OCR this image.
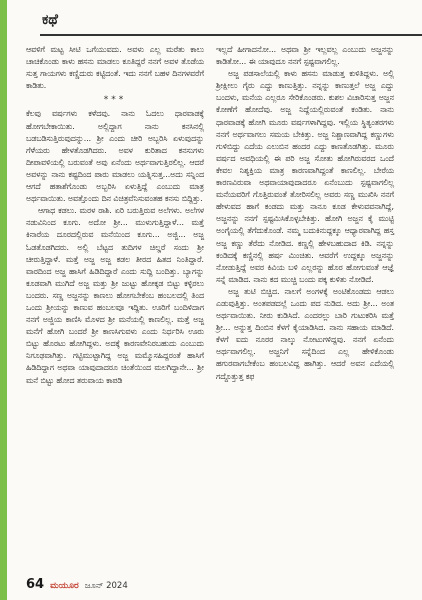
ಕಥೆ

ಆವಳಿಗೆ ಮಟ್ಟ ಸೀಟಿ ಒಗೆಯುವದು. ಅವಳು ಎಲ್ಲ ಮರೆತು ಕಾಲು ಚಾಚಿಕೊಂಡು ಕಾಳು ಹಸನು ಮಾಡಲು ಕೂತಿದ್ದರೆ ನನಗೆ ಅವಳ ತೊಡೆಯ ಸುತ್ತ ಗಾಯಗಳು ಕಣ್ಣಿದುರು ಕಟ್ಟಿದಂತೆ. ಇದು ನನಗೆ ಬಹಳ ದಿನಗಳವರೆಗೆ ಕಾಡಿತು.

***

ಕೆಲವು ವರ್ಷಗಳು ಕಳೆದವು. ನಾನು ಓದಲು ಧಾರವಾಡಕ್ಕೆ ಹೋಗಬೇಕಾಯಿತು. ಅಲ್ಲಿದ್ದಾಗ ನಾನು ಕನಸಿನಲ್ಲಿ ಬಡಬಡಿಸುತ್ತಿರುವುದನ್ನು... ಶ್ರೀ ಎಂದು ಚೀರಿ ಅಬ್ಬರಿಸಿ ಏಳುವುದನ್ನು ಗೆಳೆಯರು ಹೇಳತೊಡಗಿದರು. ಅವಳ ಕುರಿತಾದ ಕನಸುಗಳು ದೀಪಾವಳಿಯಲ್ಲಿ ಬರುವಂತೆ ಅವು ಏನೆಂದು ಅರ್ಥವಾಗುತ್ತಿರಲಿಲ್ಲ. ಆದರೆ ಅವಳನ್ನು ನಾನು ಕಷ್ಟದಿಂದ ಪಾರು ಮಾಡಲು ಯತ್ನಿಸುತ್ತ...ಅದು ಸನ್ನಿಂದ ಆಗದೆ ಹತಾಶೆಗೊಂಡು ಅಬ್ಬರಿಸಿ ಏಳುತ್ತಿದ್ದೆ ಎಂಬುದು ಮಾತ್ರ ಅರ್ಥವಾಯಿತು. ಅವತ್ತೊಂದು ದಿನ ವಿಚಿತ್ರವೆನಿಸುವಂತಹ ಕನಸು ಬಿದ್ದಿತ್ತು.

ಆಗಾಧ ಕಡಲು. ಮರಳ ರಾಶಿ. ಏರಿ ಬರುತ್ತಿರುವ ಅಲೆಗಳು. ಅಲೆಗಳ ನಡುವಿನಿಂದ ಕೂಗು. ಅದೋ ಶ್ರೀ... ಮುಳುಗುತ್ತಿದ್ದಾಳೆ... ಮತ್ತೆ ಕಿನಾರೆಯ ದೂರದಲ್ಲಿರುವ ಮನೆಯಿಂದ ಕೂಗು... ಅಜ್ಜಿ... ಅಜ್ಜ ಓಡತೊಡಗಿದರು. ಅಲ್ಲಿ ಬೆಟ್ಟದ ತುದಿಗಳ ಚಿಲ್ಡರೆ ಸಂದು ಶ್ರೀ ಚೀರುತ್ತಿದ್ದಾಳೆ. ಮತ್ತೆ ಅಜ್ಜ ಅಜ್ಜ ಕಡಲ ತೀರದ ಹಿತದ ನಿಂತಿದ್ದಾರೆ. ವಾರದಿಂದ ಅಜ್ಜ ಹಾಸಿಗೆ ಹಿಡಿದಿದ್ದಾರೆ ಎಂದು ಸುದ್ದಿ ಬಂದಿತ್ತು. ಬ್ಯಾಗನ್ನು ಕೂಡವಾಗಿ ಮುಗಿದೆ ಅಜ್ಜ ಮತ್ತು ಶ್ರೀ ಜುಟ್ಟು ಹೋಕ್ಕಡ ಬಿಟ್ಟು ಕಳ್ಳಿರಲು ಬಂದರು. ಸಣ್ಣ ಅಜ್ಜನನ್ನು ಕಾಣಲು ಹೋಗಬೇಕೆಂಬ ಹಂಬಲದಲ್ಲಿ ತಿಂದ ಒಂದು ಶ್ರೀಯನ್ನು ಕಾಣುವ ಹಂಬಲವೂ ಇದ್ದಿತು. ಊರಿಗೆ ಬಂದಿಳಿದಾಗ ನನಗೆ ಅಜ್ಜಿಯ ಕಾಣಿಸಿ ಮೊಳದ ಶ್ರೀ ಮನೆಯಲ್ಲಿ ಕಾಣಲಿಲ್ಲ. ಮತ್ತೆ ಅಜ್ಜ ಮನೆಗೆ ಹೋಗಿ ಬಂದರೆ ಶ್ರೀ ಕಾಣಸಿಗುವಳು ಎಂದು ನಿರ್ಧರಿಸಿ ಊರು ಬಿಟ್ಟು ಹೊರಟು ಹೋಗಿದ್ದಳು. ಅದಕ್ಕೆ ಕಾರಣವೇನಿರಬಹುದು ಎಂಬುದು ನಿಗೂಢವಾಗಿತ್ತು. ಗಟ್ಟಿಮುಟ್ಟಾಗಿದ್ದ ಅಜ್ಜ ಮಮ್ಮೊಸಹಿದ್ದರಂತೆ ಹಾಸಿಗೆ ಹಿಡಿದಿದ್ದಾಗ ಅಥವಾ ಯಾವುದಾದರೂ ಚಿಂತೆಯಿಂದ ಮಲಗಿದ್ದಾನೇ... ಶ್ರೀ ಮನೆ ಬಿಟ್ಟು ಹೋದ ತರುವಾಯ ಕಾಪಡಿ

ಇಲ್ಲದೆ ಹೀಗಾದನೋ... ಅಥವಾ ಶ್ರೀ ಇಲ್ಲವಲ್ಲ ಎಂಬುದು ಅಜ್ಜನನ್ನು ಕಾಡಿತೋ... ಈ ಯಾವುದೂ ನನಗೆ ಸ್ಪಷ್ಟವಾಗಲಿಲ್ಲ.

ಅಜ್ಜ ಪಡಸಾಲೆಯಲ್ಲಿ ಕಾಳು ಹಸನು ಮಾಡುತ್ತ ಕುಳಿತಿದ್ದಳು. ಅಲ್ಲಿ ಶ್ರೀಕ್ಷೀಲು ಗೈರು ಎದ್ದು ಕಾಣುತ್ತಿತ್ತು. ನನ್ನನ್ನು ಕಾಣುತ್ತಲೆ ಅಜ್ಜ ಎದ್ದು ಬಂದಳು, ಮನೆಯ ಎಲ್ಲರೂ ಸೇರಿಕೊಂಡರು. ಕುಶಲ ವಿಚಾರಿಸುತ್ತ ಅಜ್ಜನ ಕೋಣೆಗೆ ಹೋದೆವು. ಅಜ್ಜ ನಿದ್ದೆಯಲ್ಲಿರುವಂತೆ ಕಂಡಿತು. ನಾನು ಧಾರವಾಡಕ್ಕೆ ಹೋಗಿ ಮೂರು ವರ್ಷಗಳಾಗಿದ್ದವು. ಇಲ್ಲಿಯ ಸ್ಥಿತ್ಯಂತರಗಳು ನನಗೆ ಅರ್ಥವಾಗಲು ಸಮಯ ಬೇಕಿತ್ತು. ಅಜ್ಜ ನಿಶ್ಚಾಣವಾಗಿದ್ದ ಕಣ್ಣುಗಳು ಗುಳಿಬಿದ್ದು ಎದೆಯ ಎಲುಬಿನ ಹಂದರ ಎದ್ದು ಕಾಣತೊಡಗಿತ್ತು. ಮೂರು ವರ್ಷದ ಅವಧಿಯಲ್ಲಿ ಈ ಪರಿ ಅಜ್ಜ ಸೋತು ಹೋಗಿರುವರದ ಒಂದೆ ಕೇವಲ ನಿಶ್ಯಕ್ತಿಯ ಮಾತ್ರ ಕಾರಣವಾಗಿದ್ದಂತೆ ಕಾಣಲಿಲ್ಲ. ಬೇರೆಯ ಕಾರಣವಿರುವಾ ಅಥವಾಯಾವುದಾದರೂ ಏನೆಂಬುದು ಸ್ಪಷ್ಟವಾಗಲಿಲ್ಲ ಮನೆಯವರಿಗೆ ಗೊತ್ತಿರುವಂತೆ ತೋರಿಸಲಿಲ್ಲ ಅವರು ಸಣ್ಣ ಮುಖಿಸಿ ನನಗೆ ಹೇಳುವದ ಹಾಗೆ ಕಂಡದು ಮತ್ತು ನಾನೂ ಕೂಡ ಕೇಳುವವನಾಗಿದ್ದೆ, ಅಜ್ಜನನ್ನು ನನಗೆ ಸ್ಪಷ್ಟಮಿಸಿಕೊಳ್ಳಬೇಕಿತ್ತು. ಹೋಗಿ ಅಜ್ಜನ ಕೈ ಮುಟ್ಟಿ ಅಂಗೈಯಲ್ಲಿ ತೆಗೆದುಕೊಂಡೆ. ನಮ್ಮ ಬದುಕಿನುದ್ದಕ್ಕೂ ಆಧ್ಯಾರವಾಗಿದ್ದ ಹಸ್ತ ಅಜ್ಜ ಕಣ್ಣು ತೆರೆದು ನೋಡಿದ. ಕಣ್ಣಲ್ಲಿ ಹೇಳಬಹುದಾದ ಕಿಡಿ. ನನ್ನನ್ನು ಕಂಡಿದಕ್ಕೆ ಕಣ್ಣಿನಲ್ಲಿ ಹರ್ಷ ಮಿಂಚಿತು. ಆವರೆಗೆ ಉದ್ದಕ್ಕೂ ಅಜ್ಜನನ್ನು ನೋಡುತ್ತಿದ್ದೆ ಅವರ ಕಿವಿಯ ಬಳಿ ಎಲ್ಲರನ್ನು ಹೊರ ಹೋಗುವಂತೆ ಆಜ್ಞೆ ಸನ್ನೆ ಮಾಡಿದ. ನಾನು ಕದ ಮುಚ್ಚಿ ಬಂದು ಪಕ್ಕ ಕುಳಿತು ನೋಡಿದೆ.

ಅಜ್ಜ ತುಟಿ ಬಿಚ್ಚಿದ. ನಾಲಗೆ ಅಂಗಳಕ್ಕೆ ಅಂಟಿಕೊಂಡದು ಆಡಲು ಎಡುವುತ್ತಿತ್ತು. ಅಂತಪಡದಲ್ಲೆ ಒಂದು ಪದ ನುಡಿದ. ಅದು ಶ್ರೀ... ಅಂತ ಅರ್ಥವಾಯಿತು. ನೀರು ಕುಡಿಸಿದೆ. ಎಂದರಲ್ಲು ಬಾರಿ ಗುಟುಕರಿಸಿ ಮತ್ತೆ ಶ್ರೀ... ಅನ್ನುತ್ತ ದಿಂಬಿನ ಕೆಳಗೆ ಕೈಯಾಡಿಸಿದ. ನಾನು ಸಹಾಯ ಮಾಡಿದೆ. ಕೆಳಗೆ ಐದು ನೂರರ ನಾಲ್ಕು ನೋಟುಗಳಿದ್ದವು. ನನಗೆ ಏನೆಂದು ಅರ್ಥವಾಗಲಿಲ್ಲ. ಅಜ್ಜನಿಗೆ ಸನ್ನೆದಿಂದ ಎಲ್ಲ ಹೇಳಿಕೊಂಡು ಹಗುರವಾಗಬೇಕೆಂಬ ಹಂಬಲವಿದ್ದ ಹಾಗಿತ್ತು. ಆದರೆ ಅವನ ಎದೆಯಲ್ಲಿ ಗದ್ದೊತ್ತುತ್ತ ಕಫ

64 ಮಯೂರ ಜೂನ್ 2024
